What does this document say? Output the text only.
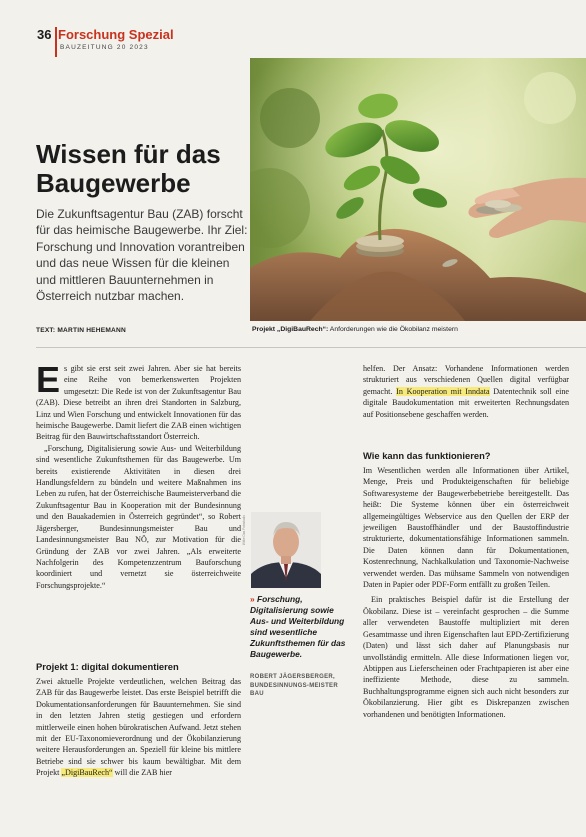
36 Forschung Spezial
BAUZEITUNG 20 2023
Projekt „DigiBauRech“: Anforderungen wie die Ökobilanz meistern
Wissen für das
Baugewerbe

Die Zukunftsagentur Bau (ZAB) forscht für das heimische Baugewerbe. Ihr Ziel: Forschung und Innovation vorantreiben und das neue Wissen für die kleinen und mittleren Bauunternehmen in Österreich nutzbar machen.

TEXT: MARTIN HEHEMANN

Es gibt sie erst seit zwei Jahren. Aber sie hat bereits eine Reihe von bemerkenswerten Projekten umgesetzt: Die Rede ist von der Zukunftsagentur Bau (ZAB). Diese betreibt an ihren drei Standorten in Salzburg, Linz und Wien Forschung und entwickelt Innovationen für das heimische Baugewerbe. Damit liefert die ZAB einen wichtigen Beitrag für den Bauwirtschaftsstandort Österreich.

„Forschung, Digitalisierung sowie Aus- und Weiterbildung sind wesentliche Zukunftsthemen für das Baugewerbe. Um bereits existierende Aktivitäten in diesen drei Handlungsfeldern zu bündeln und weitere Maßnahmen ins Leben zu rufen, hat der Österreichische Baumeisterverband die Zukunftsagentur Bau in Kooperation mit der Bundesinnung und den Bauakademien in Österreich gegründet“, so Robert Jägersberger, Bundesinnungsmeister Bau und Landesinnungsmeister Bau NÖ, zur Motivation für die Gründung der ZAB vor zwei Jahren. „Als erweiterte Nachfolgerin des Kompetenzzentrum Bauforschung koordiniert und vernetzt sie österreichweite Forschungsprojekte.“

Projekt 1: digital dokumentieren

Zwei aktuelle Projekte verdeutlichen, welchen Beitrag das ZAB für das Baugewerbe leistet. Das erste Beispiel betrifft die Dokumentationsanforderungen für Bauunternehmen. Sie sind in den letzten Jahren stetig gestiegen und erfordern mittlerweile einen hohen bürokratischen Aufwand. Jetzt stehen mit der EU-Taxonomieverordnung und der Ökobilanzierung weitere Herausforderungen an. Speziell für kleine bis mittlere Betriebe sind sie schwer bis kaum bewältigbar. Mit dem Projekt „DigiBauRech“ will die ZAB hier

Wilke Das Fotostudio
» Forschung, Digitalisierung sowie Aus- und Weiterbildung sind wesentliche Zukunftsthemen für das Baugewerbe.
ROBERT JÄGERSBERGER,
BUNDESINNUNGS-MEISTER BAU

helfen. Der Ansatz: Vorhandene Informationen werden strukturiert aus verschiedenen Quellen digital verfügbar gemacht. In Kooperation mit Inndata Datentechnik soll eine digitale Baudokumentation mit erweiterten Rechnungsdaten auf Positionsebene geschaffen werden.

Wie kann das funktionieren?

Im Wesentlichen werden alle Informationen über Artikel, Menge, Preis und Produkteigenschaften für beliebige Softwaresysteme der Baugewerbebetriebe bereitgestellt. Das heißt: Die Systeme können über ein österreichweit allgemeingültiges Webservice aus den Quellen der ERP der jeweiligen Baustoffhändler und der Baustoffindustrie strukturierte, dokumentationsfähige Informationen sammeln. Die Daten können dann für Dokumentationen, Kostenrechnung, Nachkalkulation und Taxonomie-Nachweise verwendet werden. Das mühsame Sammeln von notwendigen Daten in Papier oder PDF-Form entfällt zu großen Teilen.

Ein praktisches Beispiel dafür ist die Erstellung der Ökobilanz. Diese ist – vereinfacht gesprochen – die Summe aller verwendeten Baustoffe multipliziert mit deren Gesamtmasse und ihren Eigenschaften laut EPD-Zertifizierung (Daten) und lässt sich daher auf Planungsbasis nur unvollständig ermitteln. Alle diese Informationen liegen vor, Abtippen aus Lieferscheinen oder Frachtpapieren ist aber eine ineffiziente Methode, diese zu sammeln. Buchhaltungsprogramme eignen sich auch nicht besonders zur Ökobilanzierung. Hier gibt es Diskrepanzen zwischen vorhandenen und benötigten Informationen.
